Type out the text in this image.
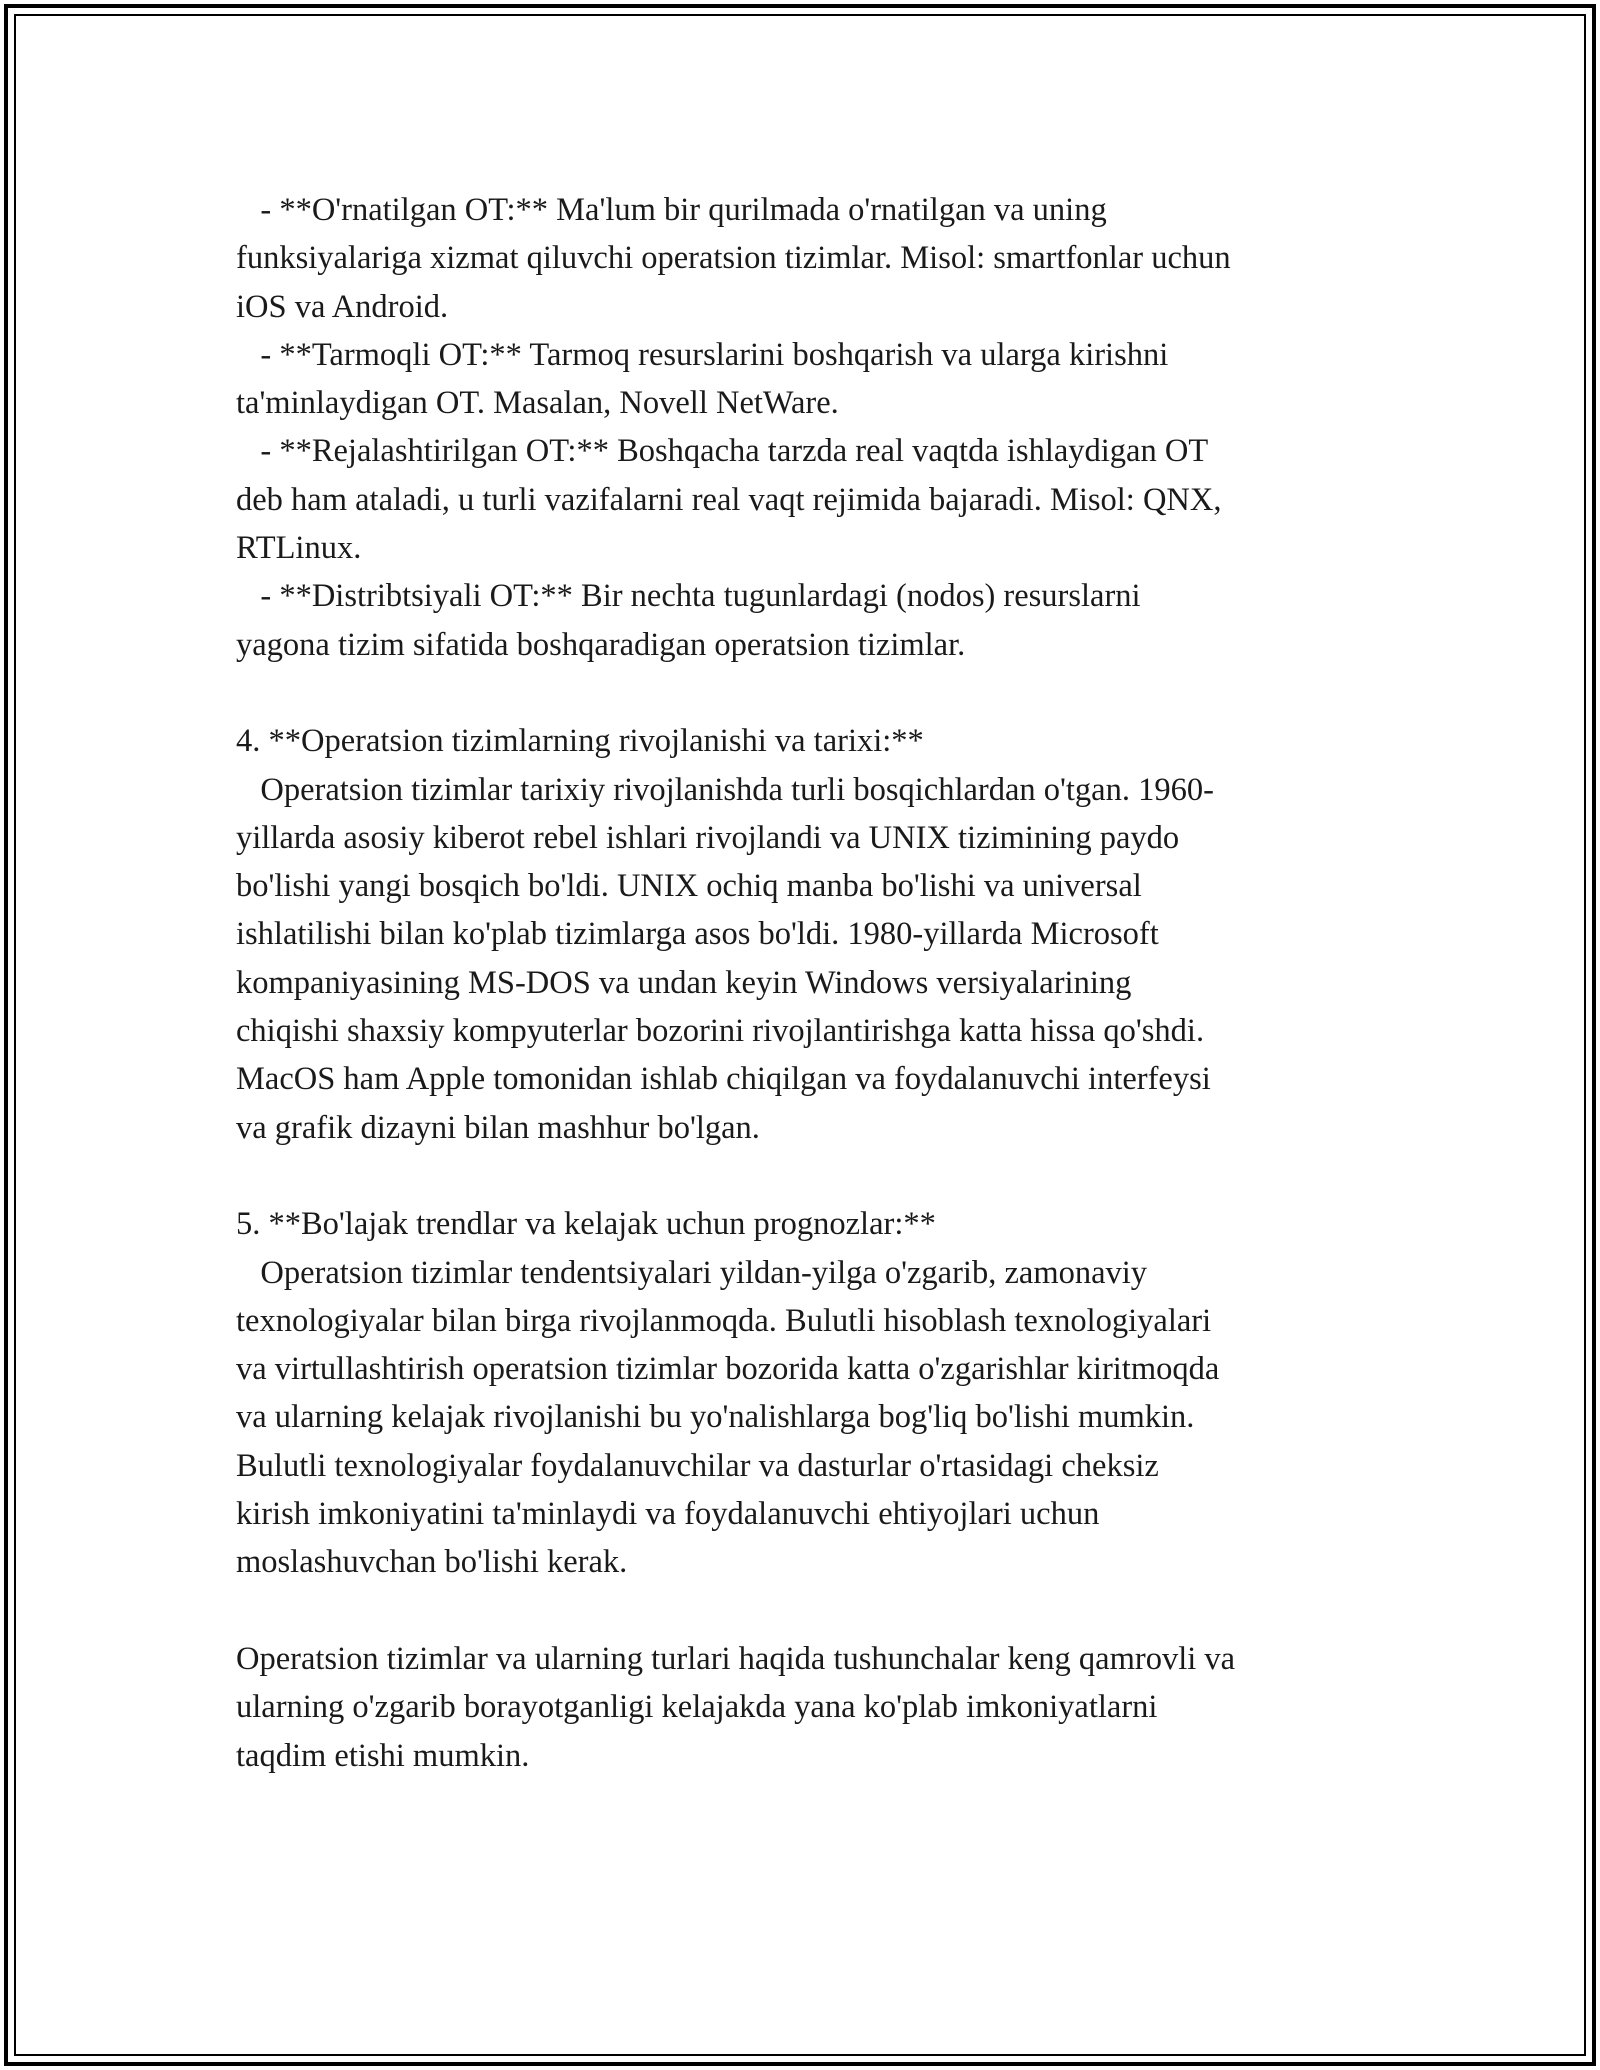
- **O'rnatilgan OT:** Ma'lum bir qurilmada o'rnatilgan va uning
funksiyalariga xizmat qiluvchi operatsion tizimlar. Misol: smartfonlar uchun
iOS va Android.
- **Tarmoqli OT:** Tarmoq resurslarini boshqarish va ularga kirishni
ta'minlaydigan OT. Masalan, Novell NetWare.
- **Rejalashtirilgan OT:** Boshqacha tarzda real vaqtda ishlaydigan OT
deb ham ataladi, u turli vazifalarni real vaqt rejimida bajaradi. Misol: QNX,
RTLinux.
- **Distribtsiyali OT:** Bir nechta tugunlardagi (nodos) resurslarni
yagona tizim sifatida boshqaradigan operatsion tizimlar.
4. **Operatsion tizimlarning rivojlanishi va tarixi:**
Operatsion tizimlar tarixiy rivojlanishda turli bosqichlardan o'tgan. 1960-
yillarda asosiy kiberot rebel ishlari rivojlandi va UNIX tizimining paydo
bo'lishi yangi bosqich bo'ldi. UNIX ochiq manba bo'lishi va universal
ishlatilishi bilan ko'plab tizimlarga asos bo'ldi. 1980-yillarda Microsoft
kompaniyasining MS-DOS va undan keyin Windows versiyalarining
chiqishi shaxsiy kompyuterlar bozorini rivojlantirishga katta hissa qo'shdi.
MacOS ham Apple tomonidan ishlab chiqilgan va foydalanuvchi interfeysi
va grafik dizayni bilan mashhur bo'lgan.
5. **Bo'lajak trendlar va kelajak uchun prognozlar:**
Operatsion tizimlar tendentsiyalari yildan-yilga o'zgarib, zamonaviy
texnologiyalar bilan birga rivojlanmoqda. Bulutli hisoblash texnologiyalari
va virtullashtirish operatsion tizimlar bozorida katta o'zgarishlar kiritmoqda
va ularning kelajak rivojlanishi bu yo'nalishlarga bog'liq bo'lishi mumkin.
Bulutli texnologiyalar foydalanuvchilar va dasturlar o'rtasidagi cheksiz
kirish imkoniyatini ta'minlaydi va foydalanuvchi ehtiyojlari uchun
moslashuvchan bo'lishi kerak.
Operatsion tizimlar va ularning turlari haqida tushunchalar keng qamrovli va
ularning o'zgarib borayotganligi kelajakda yana ko'plab imkoniyatlarni
taqdim etishi mumkin.
